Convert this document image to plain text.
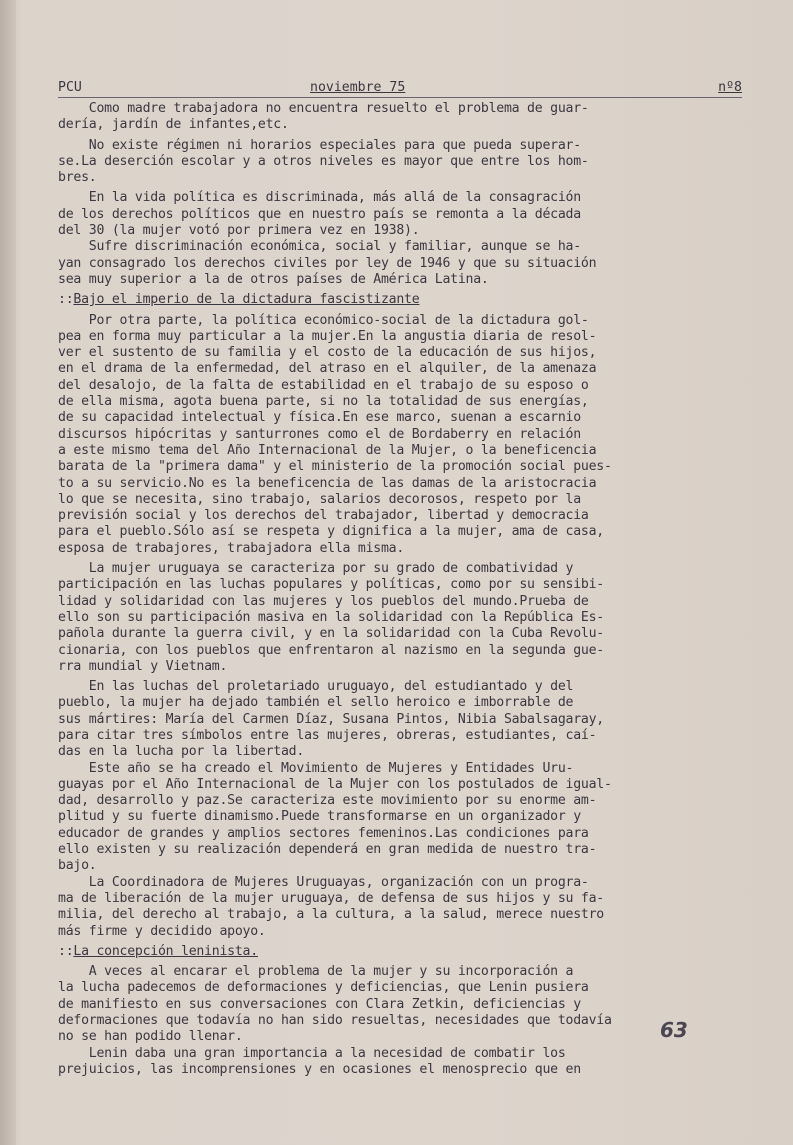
PCU	noviembre 75	nº8
Como madre trabajadora no encuentra resuelto el problema de guar-
dería, jardín de infantes,etc.
No existe régimen ni horarios especiales para que pueda superar-
se.La deserción escolar y a otros niveles es mayor que entre los hom-
bres.
En la vida política es discriminada, más allá de la consagración
de los derechos políticos que en nuestro país se remonta a la década
del 30 (la mujer votó por primera vez en 1938).
Sufre discriminación económica, social y familiar, aunque se ha-
yan consagrado los derechos civiles por ley de 1946 y que su situación
sea muy superior a la de otros países de América Latina.
::Bajo el imperio de la dictadura fascistizante
Por otra parte, la política económico-social de la dictadura gol-
pea en forma muy particular a la mujer.En la angustia diaria de resol-
ver el sustento de su familia y el costo de la educación de sus hijos,
en el drama de la enfermedad, del atraso en el alquiler, de la amenaza
del desalojo, de la falta de estabilidad en el trabajo de su esposo o
de ella misma, agota buena parte, si no la totalidad de sus energías,
de su capacidad intelectual y física.En ese marco, suenan a escarnio
discursos hipócritas y santurrones como el de Bordaberry en relación
a este mismo tema del Año Internacional de la Mujer, o la beneficencia
barata de la "primera dama" y el ministerio de la promoción social pues-
to a su servicio.No es la beneficencia de las damas de la aristocracia
lo que se necesita, sino trabajo, salarios decorosos, respeto por la
previsión social y los derechos del trabajador, libertad y democracia
para el pueblo.Sólo así se respeta y dignifica a la mujer, ama de casa,
esposa de trabajores, trabajadora ella misma.
La mujer uruguaya se caracteriza por su grado de combatividad y
participación en las luchas populares y políticas, como por su sensibi-
lidad y solidaridad con las mujeres y los pueblos del mundo.Prueba de
ello son su participación masiva en la solidaridad con la República Es-
pañola durante la guerra civil, y en la solidaridad con la Cuba Revolu-
cionaria, con los pueblos que enfrentaron al nazismo en la segunda gue-
rra mundial y Vietnam.
En las luchas del proletariado uruguayo, del estudiantado y del
pueblo, la mujer ha dejado también el sello heroico e imborrable de
sus mártires: María del Carmen Díaz, Susana Pintos, Nibia Sabalsagaray,
para citar tres símbolos entre las mujeres, obreras, estudiantes, caí-
das en la lucha por la libertad.
Este año se ha creado el Movimiento de Mujeres y Entidades Uru-
guayas por el Año Internacional de la Mujer con los postulados de igual-
dad, desarrollo y paz.Se caracteriza este movimiento por su enorme am-
plitud y su fuerte dinamismo.Puede transformarse en un organizador y
educador de grandes y amplios sectores femeninos.Las condiciones para
ello existen y su realización dependerá en gran medida de nuestro tra-
bajo.
La Coordinadora de Mujeres Uruguayas, organización con un progra-
ma de liberación de la mujer uruguaya, de defensa de sus hijos y su fa-
milia, del derecho al trabajo, a la cultura, a la salud, merece nuestro
más firme y decidido apoyo.
::La concepción leninista.
A veces al encarar el problema de la mujer y su incorporación a
la lucha padecemos de deformaciones y deficiencias, que Lenin pusiera
de manifiesto en sus conversaciones con Clara Zetkin, deficiencias y
deformaciones que todavía no han sido resueltas, necesidades que todavía
no se han podido llenar.
Lenin daba una gran importancia a la necesidad de combatir los
prejuicios, las incomprensiones y en ocasiones el menosprecio que en
63
